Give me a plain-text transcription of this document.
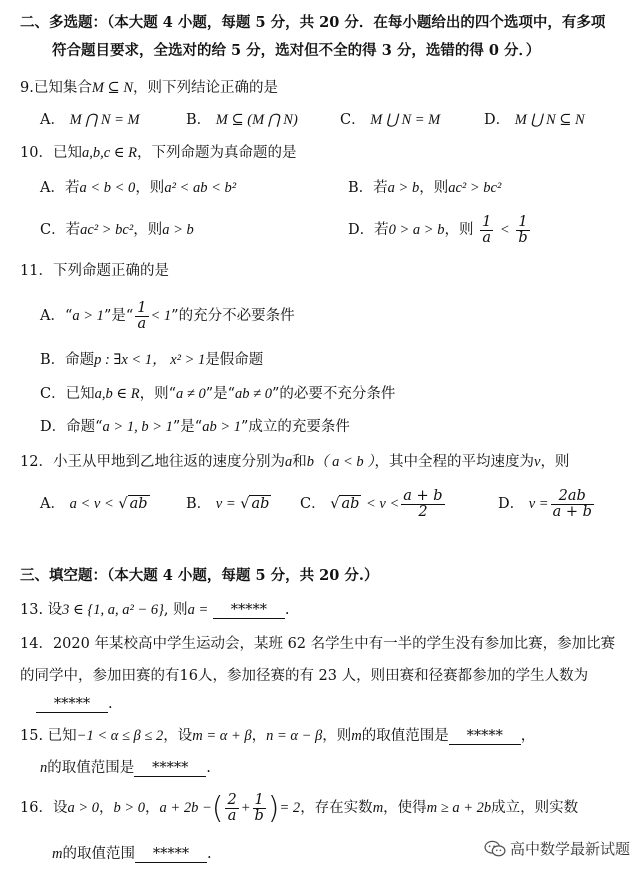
二、多选题：（本大题 4 小题，每题 5 分，共 20 分．在每小题给出的四个选项中，有多项
符合题目要求，全选对的给 5 分，选对但不全的得 3 分，选错的得 0 分．）
9.已知集合M ⊆ N，则下列结论正确的是
A． M ⋂ N = M	B． M ⊆ (M ⋂ N)	C． M ⋃ N = M	D． M ⋃ N ⊆ N
10．已知a,b,c ∈ R，下列命题为真命题的是
A．若a < b < 0，则a² < ab < b²	B．若a > b，则ac² > bc²
C．若ac² > bc²，则a > b	D．若0 > a > b，则 $\frac{1}{a} < \frac{1}{b}$
11．下列命题正确的是
A．“a > 1”是“ $\frac{1}{a} < 1$”的充分不必要条件
B．命题p : ∃x < 1， x² > 1是假命题
C．已知a,b ∈ R，则“a ≠ 0”是“ab ≠ 0”的必要不充分条件
D．命题“a > 1, b > 1”是“ab > 1”成立的充要条件
12．小王从甲地到乙地往返的速度分别为a和b（ a < b ），其中全程的平均速度为v，则
A． a < v < √ ab	B． v = √ ab C． √ ab < $v < \frac{a + b}{2}$	D． $v = \frac{2ab}{a + b}$
三、填空题：（本大题 4 小题，每题 5 分，共 20 分.）
13. 设3 ∈ {1, a, a² − 6}, 则a = ***** .
14．2020 年某校高中学生运动会，某班 62 名学生中有一半的学生没有参加比赛，参加比赛
的同学中，参加田赛的有16人，参加径赛的有 23 人，则田赛和径赛都参加的学生人数为
***** .
15. 已知−1 < α ≤ β ≤ 2，设m = α + β，n = α − β，则m的取值范围是 ***** ，
n的取值范围是 ***** .
16．设a > 0，b > 0，a + 2b −( $\frac{2}{a} + \frac{1}{b}$ )= 2，存在实数m，使得m ≥ a + 2b成立，则实数
m的取值范围 ***** .	高中数学最新试题
